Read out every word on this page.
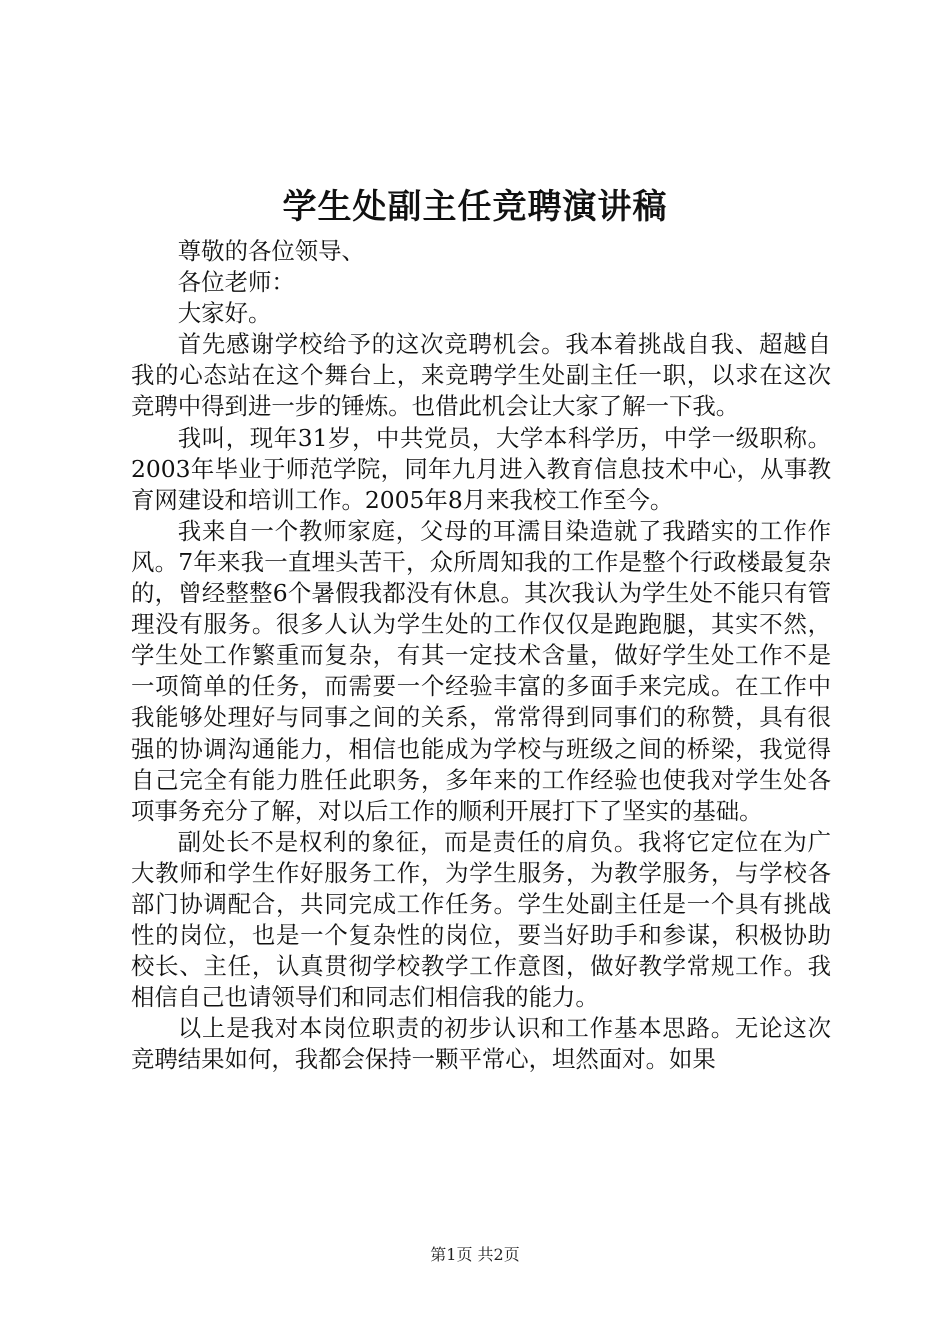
学生处副主任竞聘演讲稿

尊敬的各位领导、

各位老师：

大家好。

首先感谢学校给予的这次竞聘机会。我本着挑战自我、超越自我的心态站在这个舞台上，来竞聘学生处副主任一职，以求在这次竞聘中得到进一步的锤炼。也借此机会让大家了解一下我。

我叫，现年31岁，中共党员，大学本科学历，中学一级职称。2003年毕业于师范学院，同年九月进入教育信息技术中心，从事教育网建设和培训工作。2005年8月来我校工作至今。

我来自一个教师家庭，父母的耳濡目染造就了我踏实的工作作风。7年来我一直埋头苦干，众所周知我的工作是整个行政楼最复杂的，曾经整整6个暑假我都没有休息。其次我认为学生处不能只有管理没有服务。很多人认为学生处的工作仅仅是跑跑腿，其实不然，学生处工作繁重而复杂，有其一定技术含量，做好学生处工作不是一项简单的任务，而需要一个经验丰富的多面手来完成。在工作中我能够处理好与同事之间的关系，常常得到同事们的称赞，具有很强的协调沟通能力，相信也能成为学校与班级之间的桥梁，我觉得自己完全有能力胜任此职务，多年来的工作经验也使我对学生处各项事务充分了解，对以后工作的顺利开展打下了坚实的基础。

副处长不是权利的象征，而是责任的肩负。我将它定位在为广大教师和学生作好服务工作，为学生服务，为教学服务，与学校各部门协调配合，共同完成工作任务。学生处副主任是一个具有挑战性的岗位，也是一个复杂性的岗位，要当好助手和参谋，积极协助校长、主任，认真贯彻学校教学工作意图，做好教学常规工作。我相信自己也请领导们和同志们相信我的能力。

以上是我对本岗位职责的初步认识和工作基本思路。无论这次竞聘结果如何，我都会保持一颗平常心，坦然面对。如果

第1页 共2页
